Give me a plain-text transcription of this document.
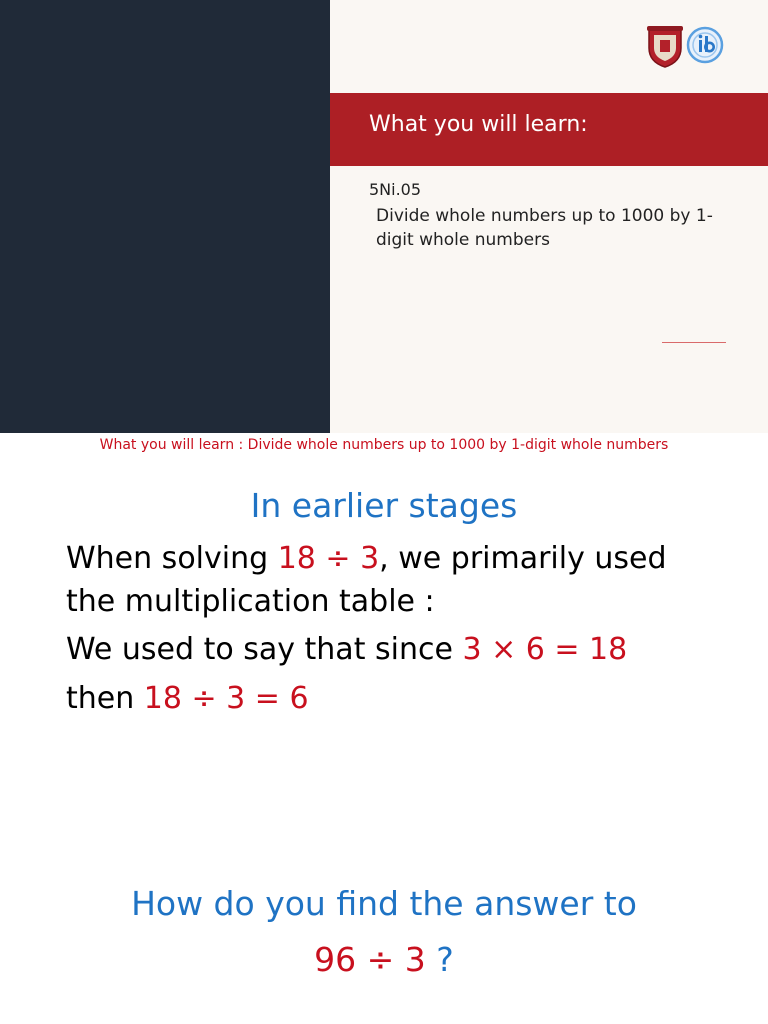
What you will learn:
5Ni.05
Divide whole numbers up to 1000 by 1-digit whole numbers
What you will learn : Divide whole numbers up to 1000 by 1-digit whole numbers
In earlier stages
When solving 18 ÷ 3, we primarily used
the multiplication table :
We used to say that since 3 × 6 = 18
then 18 ÷ 3 = 6
How do you find the answer to
96 ÷ 3 ?
